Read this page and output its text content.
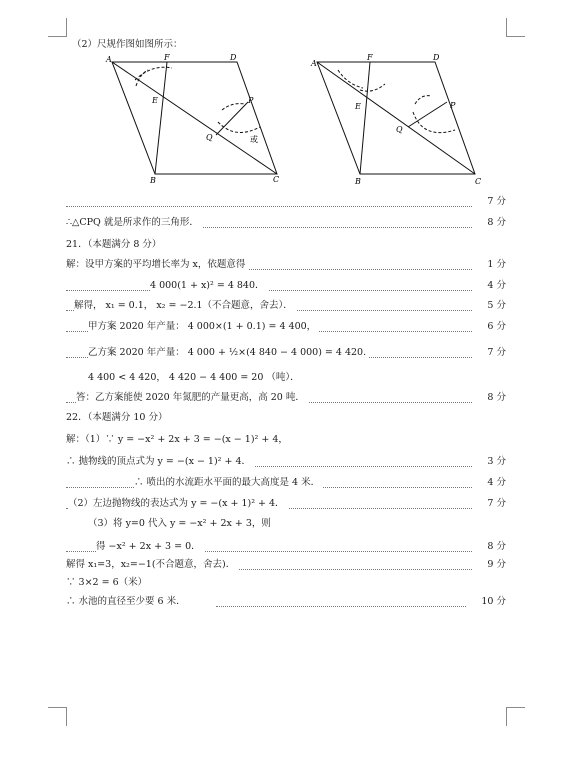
（2）尺规作图如图所示：
A	F	D
E	P
Q	或
B	C
A
F	D
E	P
Q
B	C
7 分
∴△CPQ 就是所求作的三角形．	8 分
21．（本题满分 8 分）
解：设甲方案的平均增长率为 x，依题意得	1 分
4 000(1 + x)² = 4 840．	4 分
解得， x₁ = 0.1， x₂ = −2.1（不合题意，舍去）．	5 分
甲方案 2020 年产量： 4 000×(1 + 0.1) = 4 400，	6 分
乙方案 2020 年产量： 4 000 + ½×(4 840 − 4 000) = 4 420.	7 分
4 400 < 4 420， 4 420 − 4 400 = 20 （吨）．
答：乙方案能使 2020 年氮肥的产量更高，高 20 吨．	8 分
22．（本题满分 10 分）
解：（1）∵ y = −x² + 2x + 3 = −(x − 1)² + 4，
∴ 抛物线的顶点式为 y = −(x − 1)² + 4．	3 分
∴ 喷出的水流距水平面的最大高度是 4 米．	4 分
（2）左边抛物线的表达式为 y = −(x + 1)² + 4．	7 分
（3）将 y=0 代入 y = −x² + 2x + 3，则
得 −x² + 2x + 3 = 0．	8 分
解得 x₁=3，x₂=−1(不合题意，舍去)．	9 分
∵ 3×2 = 6（米）
∴ 水池的直径至少要 6 米．	10 分
